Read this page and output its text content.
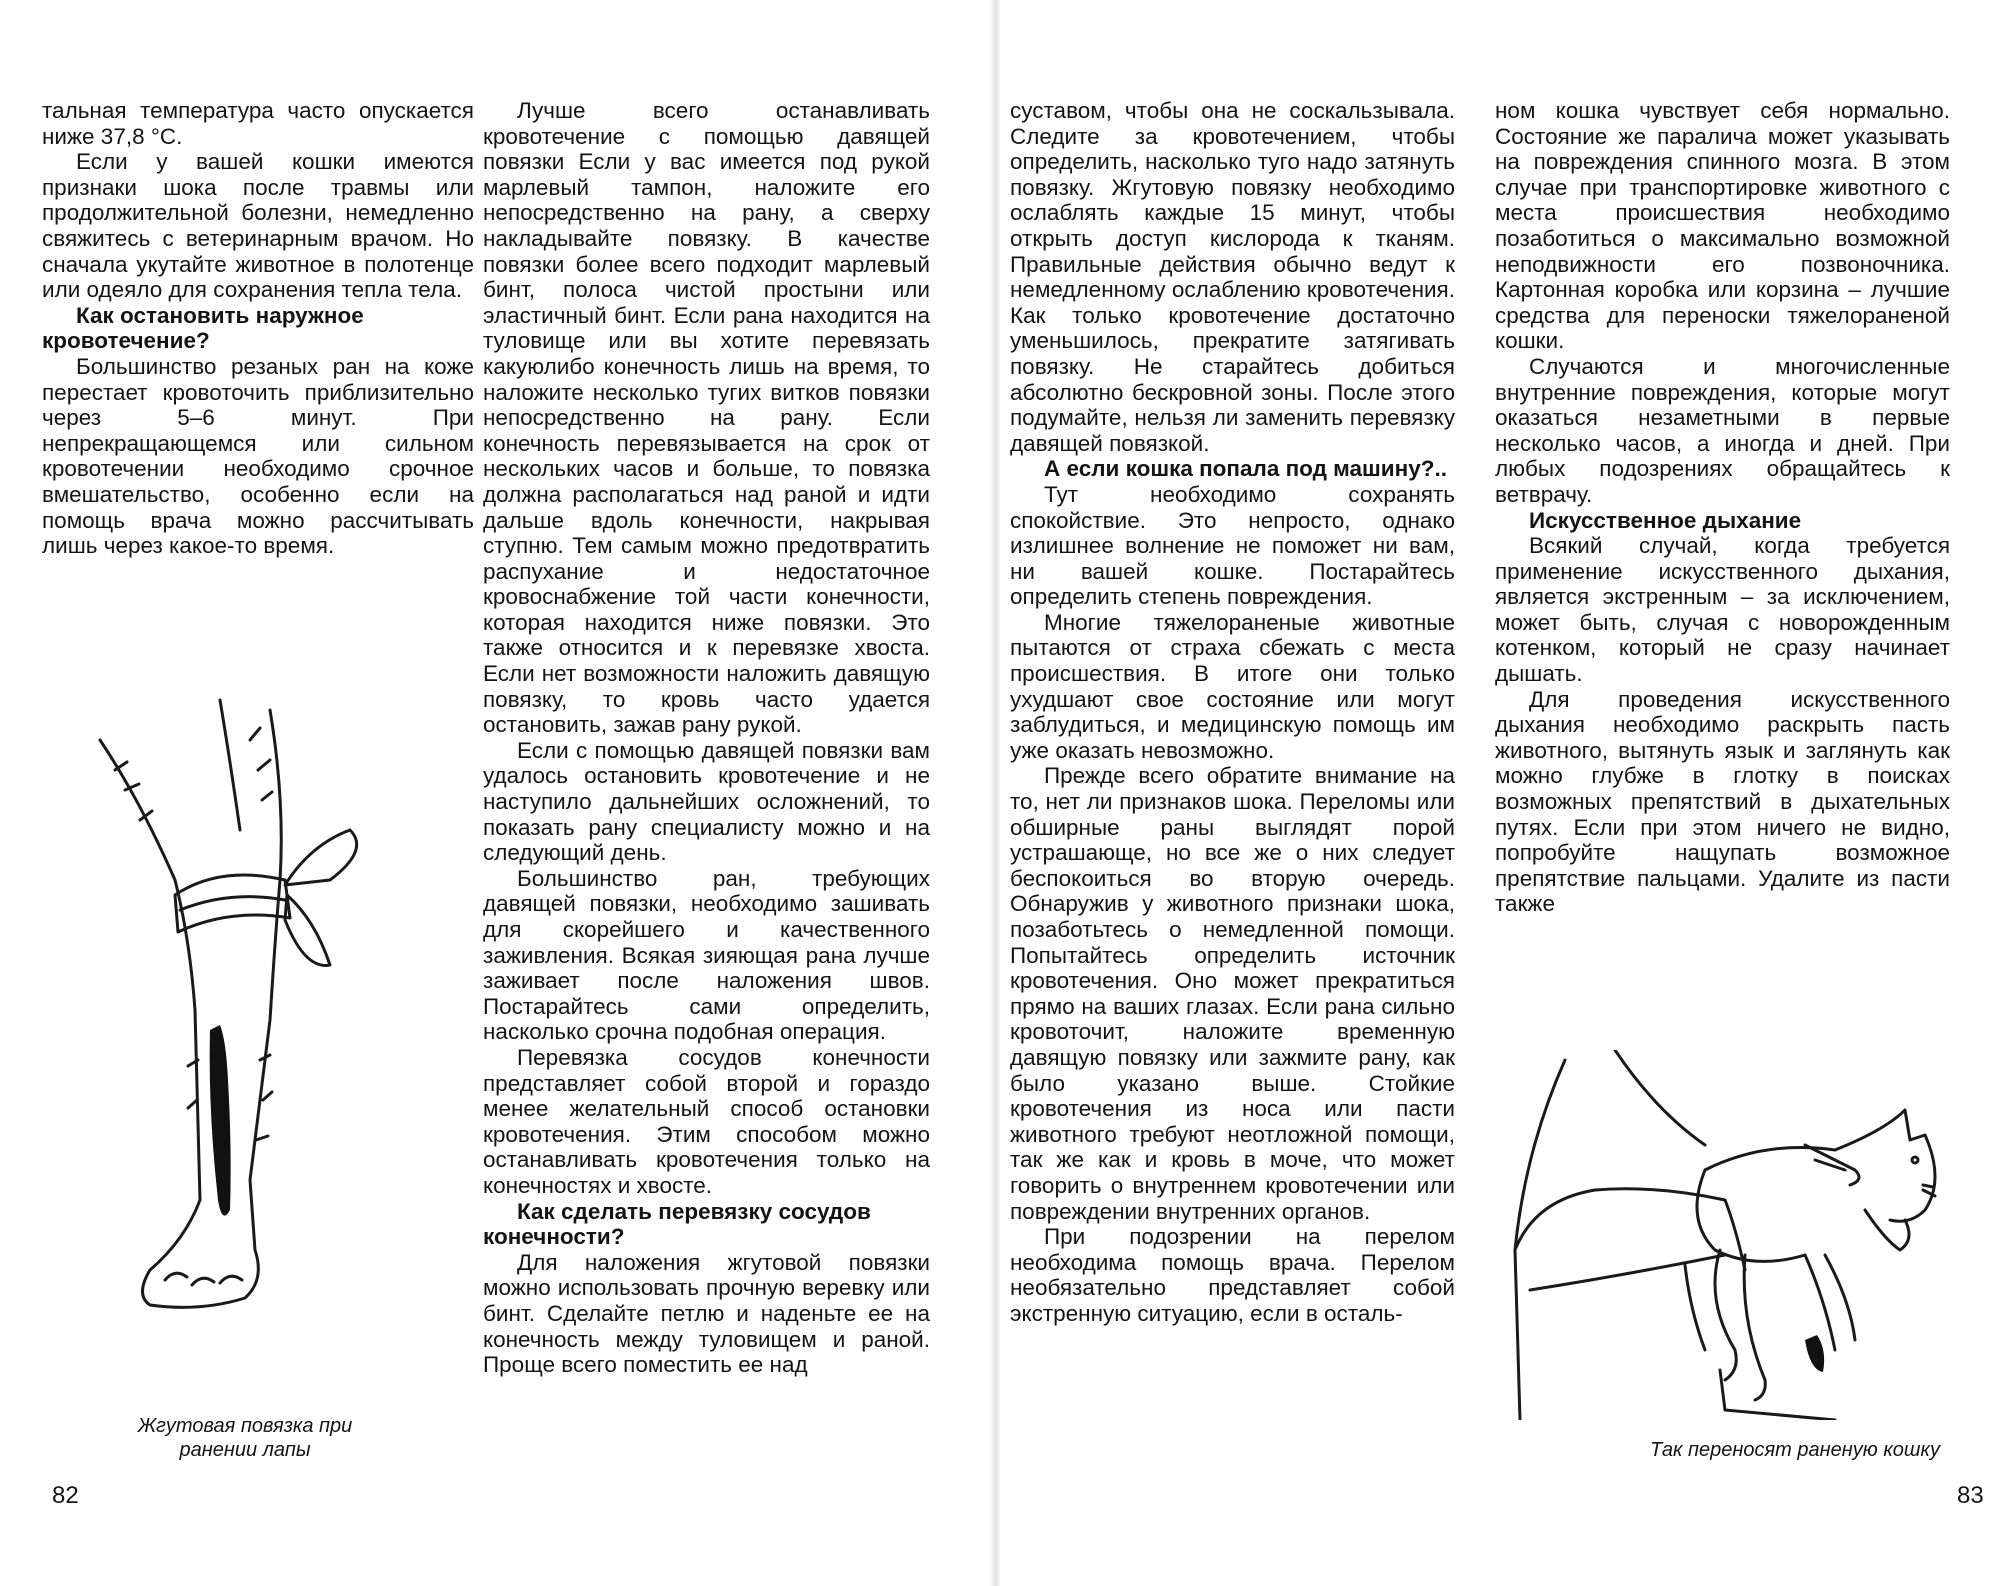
тальная температура часто опускается ниже 37,8 °С.

Если у вашей кошки имеются признаки шока после травмы или продолжительной болезни, немедленно свяжитесь с ветеринарным врачом. Но сначала укутайте животное в полотенце или одеяло для сохранения тепла тела.

Как остановить наружное кровотечение?

Большинство резаных ран на коже перестает кровоточить приблизительно через 5–6 минут. При непрекращающемся или сильном кровотечении необходимо срочное вмешательство, особенно если на помощь врача можно рассчитывать лишь через какое-то время.

Лучше всего останавливать кровотечение с помощью давящей повязки Если у вас имеется под рукой марлевый тампон, наложите его непосредственно на рану, а сверху накладывайте повязку. В качестве повязки более всего подходит марлевый бинт, полоса чистой простыни или эластичный бинт. Если рана находится на туловище или вы хотите перевязать какуюлибо конечность лишь на время, то наложите несколько тугих витков повязки непосредственно на рану. Если конечность перевязывается на срок от нескольких часов и больше, то повязка должна располагаться над раной и идти дальше вдоль конечности, накрывая ступню. Тем самым можно предотвратить распухание и недостаточное кровоснабжение той части конечности, которая находится ниже повязки. Это также относится и к перевязке хвоста. Если нет возможности наложить давящую повязку, то кровь часто удается остановить, зажав рану рукой.

Если с помощью давящей повязки вам удалось остановить кровотечение и не наступило дальнейших осложнений, то показать рану специалисту можно и на следующий день.

Большинство ран, требующих давящей повязки, необходимо зашивать для скорейшего и качественного заживления. Всякая зияющая рана лучше заживает после наложения швов. Постарайтесь сами определить, насколько срочна подобная операция.

Перевязка сосудов конечности представляет собой второй и гораздо менее желательный способ остановки кровотечения. Этим способом можно останавливать кровотечения только на конечностях и хвосте.

Как сделать перевязку сосудов конечности?

Для наложения жгутовой повязки можно использовать прочную веревку или бинт. Сделайте петлю и наденьте ее на конечность между туловищем и раной. Проще всего поместить ее над

Жгутовая повязка при ранении лапы
82

суставом, чтобы она не соскальзывала. Следите за кровотечением, чтобы определить, насколько туго надо затянуть повязку. Жгутовую повязку необходимо ослаблять каждые 15 минут, чтобы открыть доступ кислорода к тканям. Правильные действия обычно ведут к немедленному ослаблению кровотечения. Как только кровотечение достаточно уменьшилось, прекратите затягивать повязку. Не старайтесь добиться абсолютно бескровной зоны. После этого подумайте, нельзя ли заменить перевязку давящей повязкой.

А если кошка попала под машину?..

Тут необходимо сохранять спокойствие. Это непросто, однако излишнее волнение не поможет ни вам, ни вашей кошке. Постарайтесь определить степень повреждения.

Многие тяжелораненые животные пытаются от страха сбежать с места происшествия. В итоге они только ухудшают свое состояние или могут заблудиться, и медицинскую помощь им уже оказать невозможно.

Прежде всего обратите внимание на то, нет ли признаков шока. Переломы или обширные раны выглядят порой устрашающе, но все же о них следует беспокоиться во вторую очередь. Обнаружив у животного признаки шока, позаботьтесь о немедленной помощи. Попытайтесь определить источник кровотечения. Оно может прекратиться прямо на ваших глазах. Если рана сильно кровоточит, наложите временную давящую повязку или зажмите рану, как было указано выше. Стойкие кровотечения из носа или пасти животного требуют неотложной помощи, так же как и кровь в моче, что может говорить о внутреннем кровотечении или повреждении внутренних органов.

При подозрении на перелом необходима помощь врача. Перелом необязательно представляет собой экстренную ситуацию, если в осталь-

ном кошка чувствует себя нормально. Состояние же паралича может указывать на повреждения спинного мозга. В этом случае при транспортировке животного с места происшествия необходимо позаботиться о максимально возможной неподвижности его позвоночника. Картонная коробка или корзина – лучшие средства для переноски тяжелораненой кошки.

Случаются и многочисленные внутренние повреждения, которые могут оказаться незаметными в первые несколько часов, а иногда и дней. При любых подозрениях обращайтесь к ветврачу.

Искусственное дыхание

Всякий случай, когда требуется применение искусственного дыхания, является экстренным – за исключением, может быть, случая с новорожденным котенком, который не сразу начинает дышать.

Для проведения искусственного дыхания необходимо раскрыть пасть животного, вытянуть язык и заглянуть как можно глубже в глотку в поисках возможных препятствий в дыхательных путях. Если при этом ничего не видно, попробуйте нащупать возможное препятствие пальцами. Удалите из пасти также

Так переносят раненую кошку
83
